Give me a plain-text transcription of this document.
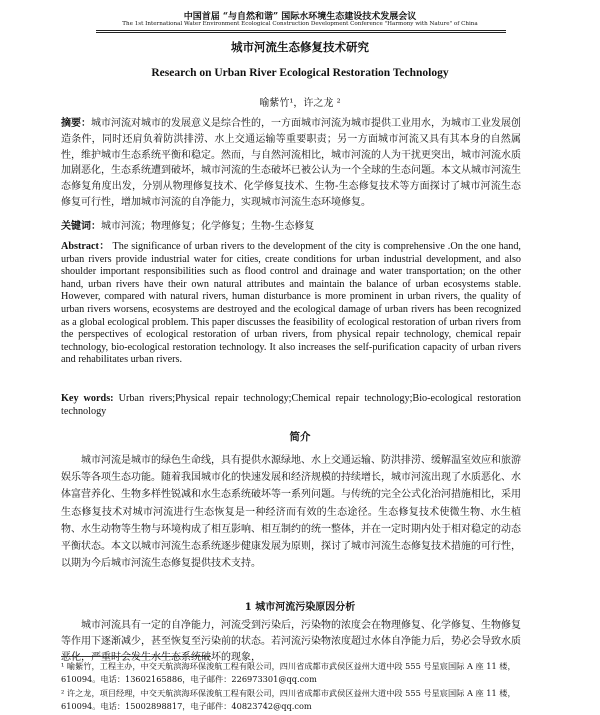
中国首届 “与自然和谐” 国际水环境生态建设技术发展会议
The 1st International Water Environment Ecological Construction Development Conference "Harmony with Nature" of China
城市河流生态修复技术研究
Research on Urban River Ecological Restoration Technology
喻紫竹¹，许之龙 ²
摘要：城市河流对城市的发展意义是综合性的，一方面城市河流为城市提供工业用水，为城市工业发展创造条件，同时还肩负着防洪排涝、水上交通运输等重要职责；另一方面城市河流又具有其本身的自然属性，维护城市生态系统平衡和稳定。然而，与自然河流相比，城市河流的人为干扰更突出，城市河流水质加剧恶化，生态系统遭到破坏，城市河流的生态破坏已被公认为一个全球的生态问题。本文从城市河流生态修复角度出发，分别从物理修复技术、化学修复技术、生物-生态修复技术等方面探讨了城市河流生态修复可行性，增加城市河流的自净能力，实现城市河流生态环境修复。
关键词：城市河流；物理修复；化学修复；生物-生态修复
Abstract： The significance of urban rivers to the development of the city is comprehensive .On the one hand, urban rivers provide industrial water for cities, create conditions for urban industrial development, and also shoulder important responsibilities such as flood control and drainage and water transportation; on the other hand, urban rivers have their own natural attributes and maintain the balance of urban ecosystems stable. However, compared with natural rivers, human disturbance is more prominent in urban rivers, the quality of urban rivers worsens, ecosystems are destroyed and the ecological damage of urban rivers has been recognized as a global ecological problem. This paper discusses the feasibility of ecological restoration of urban rivers from the perspectives of ecological restoration of urban rivers, from physical repair technology, chemical repair technology, bio-ecological restoration technology. It also increases the self-purification capacity of urban rivers and rehabilitates urban rivers.
Key words: Urban rivers;Physical repair technology;Chemical repair technology;Bio-ecological restoration technology
简介
城市河流是城市的绿色生命线，具有提供水源绿地、水上交通运输、防洪排涝、缓解温室效应和旅游娱乐等各项生态功能。随着我国城市化的快速发展和经济规模的持续增长，城市河流出现了水质恶化、水体富营养化、生物多样性锐减和水生态系统破坏等一系列问题。与传统的完全公式化治河措施相比，采用生态修复技术对城市河流进行生态恢复是一种经济而有效的生态途径。生态修复技术使微生物、水生植物、水生动物等生物与环境构成了相互影响、相互制约的统一整体，并在一定时期内处于相对稳定的动态平衡状态。本文以城市河流生态系统逐步健康发展为原则，探讨了城市河流生态修复技术措施的可行性，以期为今后城市河流生态修复提供技术支持。
1 城市河流污染原因分析
城市河流具有一定的自净能力，河流受到污染后，污染物的浓度会在物理修复、化学修复、生物修复等作用下逐渐减少，甚至恢复至污染前的状态。若河流污染物浓度超过水体自净能力后，势必会导致水质恶化，严重时会发生水生态系统破坏的现象，
¹ 喻紫竹，工程主办，中交天航滨海环保浚航工程有限公司，四川省成都市武侯区益州大道中段 555 号星宸国际 A 座 11 楼，610094。电话：13602165886，电子邮件：226973301@qq.com
² 许之龙，项目经理，中交天航滨海环保浚航工程有限公司，四川省成都市武侯区益州大道中段 555 号星宸国际 A 座 11 楼，610094。电话：15002898817，电子邮件：40823742@qq.com
